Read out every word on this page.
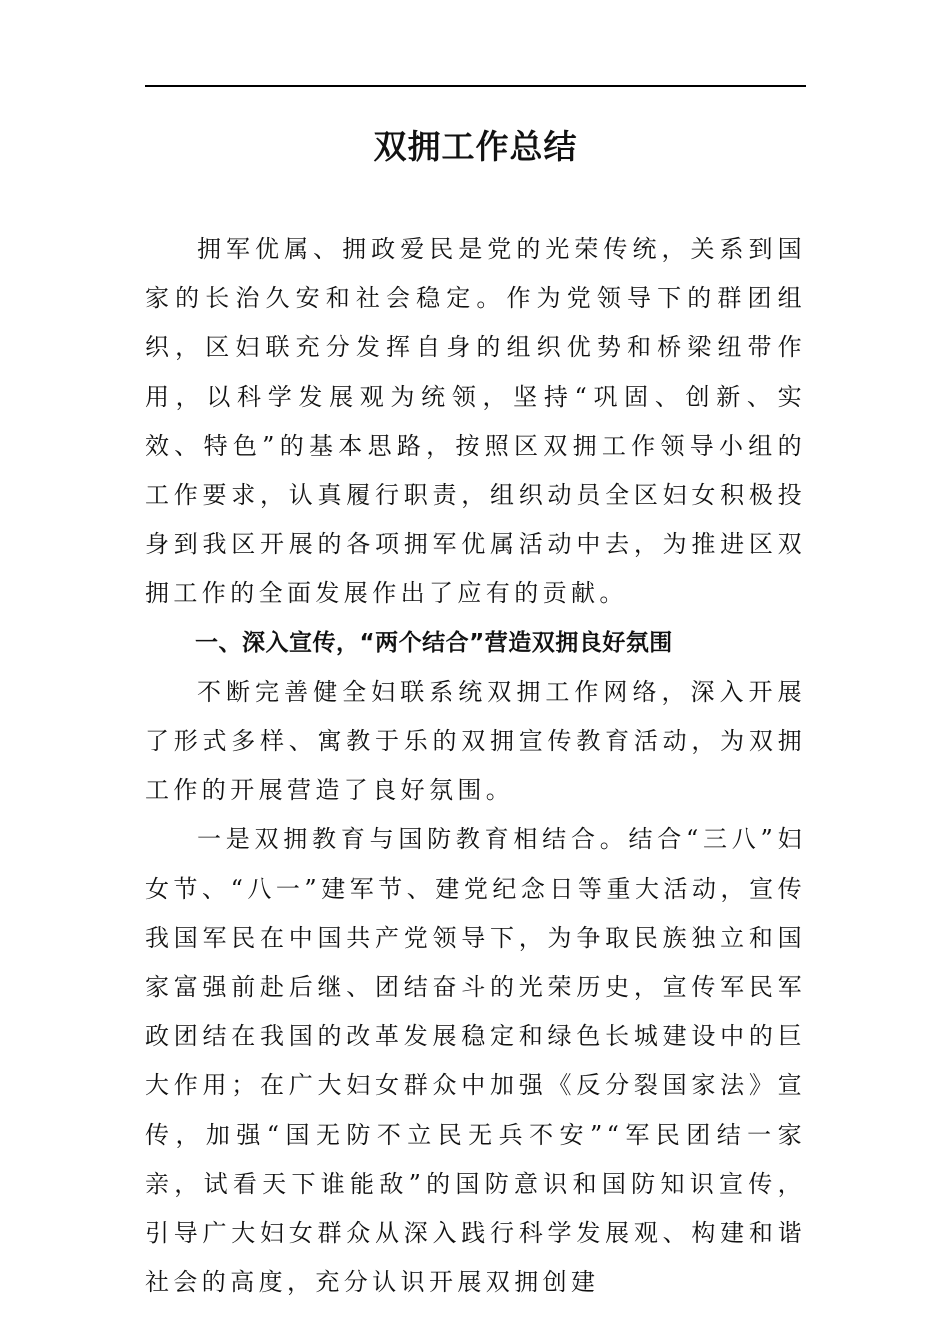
双拥工作总结

拥军优属、拥政爱民是党的光荣传统，关系到国家的长治久安和社会稳定。作为党领导下的群团组织，区妇联充分发挥自身的组织优势和桥梁纽带作用，以科学发展观为统领，坚持“巩固、创新、实效、特色”的基本思路，按照区双拥工作领导小组的工作要求，认真履行职责，组织动员全区妇女积极投身到我区开展的各项拥军优属活动中去，为推进区双拥工作的全面发展作出了应有的贡献。

一、深入宣传，“两个结合”营造双拥良好氛围

不断完善健全妇联系统双拥工作网络，深入开展了形式多样、寓教于乐的双拥宣传教育活动，为双拥工作的开展营造了良好氛围。

一是双拥教育与国防教育相结合。结合“三八”妇女节、“八一”建军节、建党纪念日等重大活动，宣传我国军民在中国共产党领导下，为争取民族独立和国家富强前赴后继、团结奋斗的光荣历史，宣传军民军政团结在我国的改革发展稳定和绿色长城建设中的巨大作用；在广大妇女群众中加强《反分裂国家法》宣传，加强“国无防不立民无兵不安”“军民团结一家亲，试看天下谁能敌”的国防意识和国防知识宣传，引导广大妇女群众从深入践行科学发展观、构建和谐社会的高度，充分认识开展双拥创建
